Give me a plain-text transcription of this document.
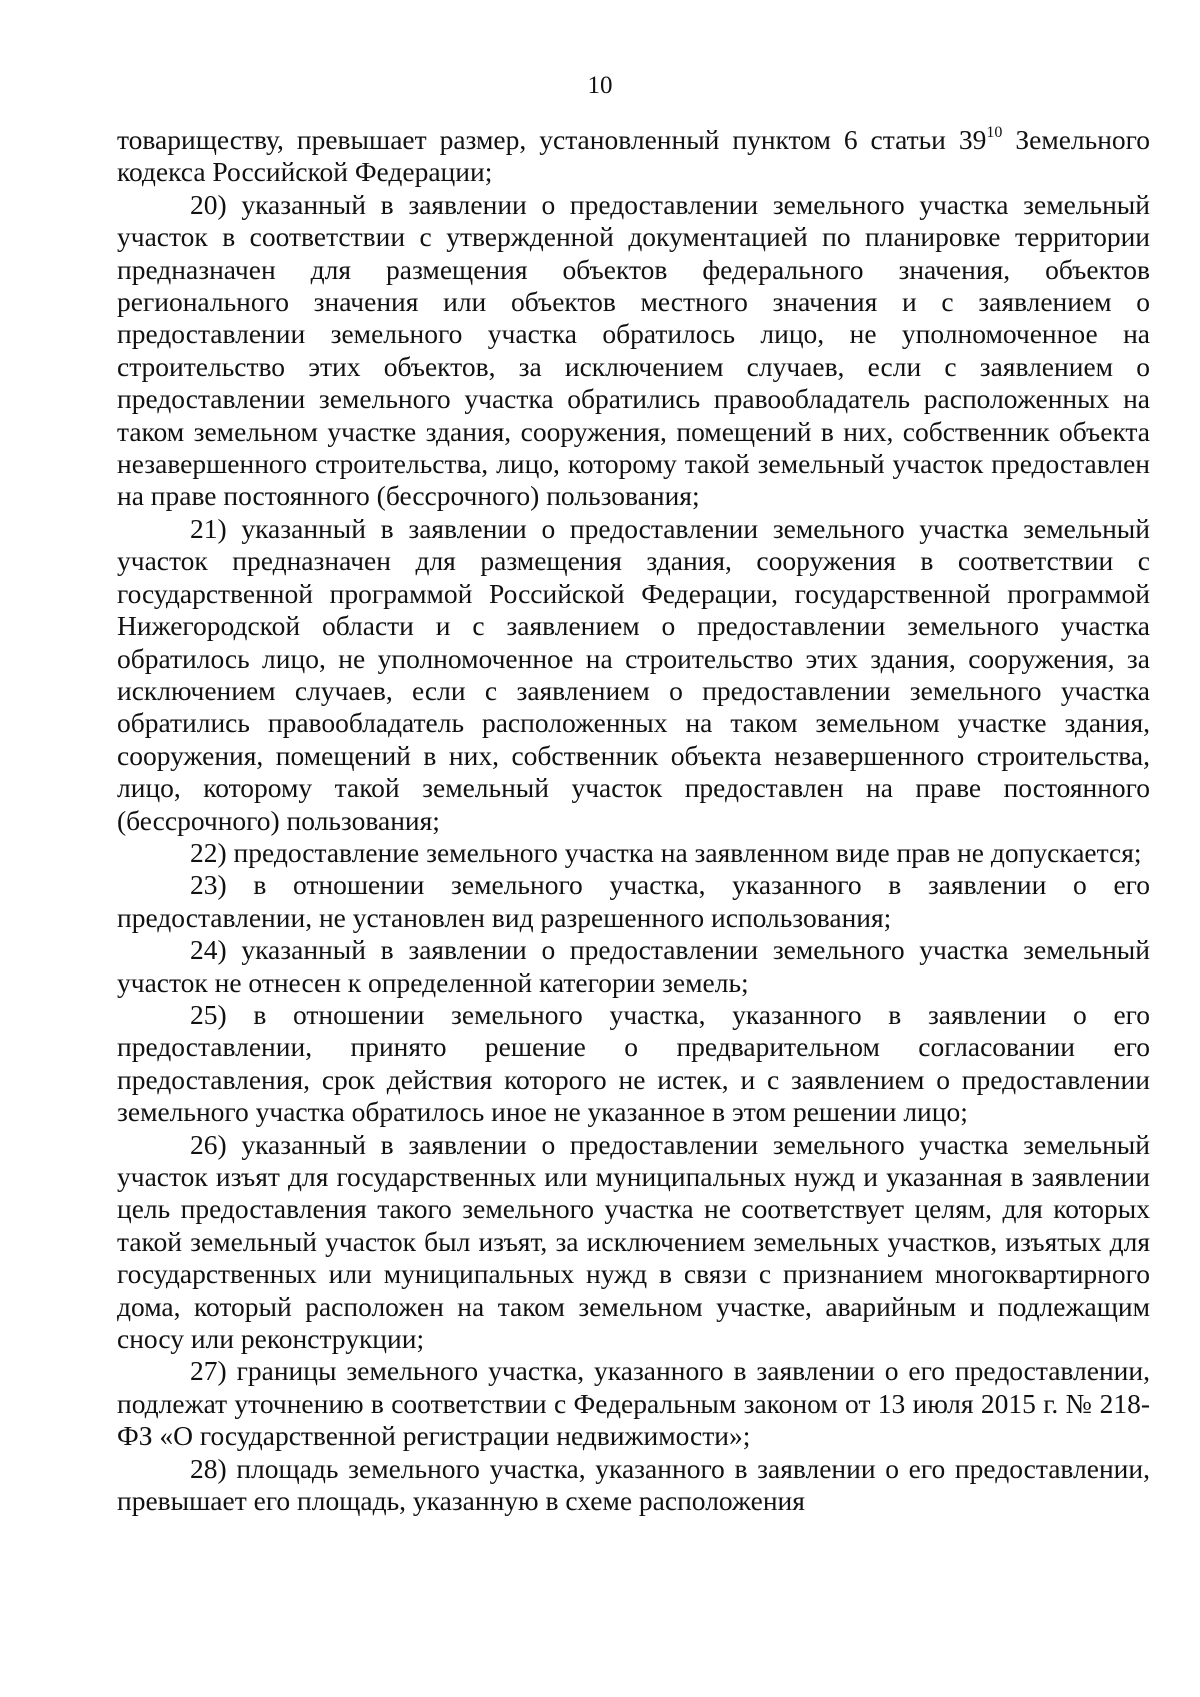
10

товариществу, превышает размер, установленный пунктом 6 статьи 39$^{10}$ Земельного кодекса Российской Федерации;

20) указанный в заявлении о предоставлении земельного участка земельный участок в соответствии с утвержденной документацией по планировке территории предназначен для размещения объектов федерального значения, объектов регионального значения или объектов местного значения и с заявлением о предоставлении земельного участка обратилось лицо, не уполномоченное на строительство этих объектов, за исключением случаев, если с заявлением о предоставлении земельного участка обратились правообладатель расположенных на таком земельном участке здания, сооружения, помещений в них, собственник объекта незавершенного строительства, лицо, которому такой земельный участок предоставлен на праве постоянного (бессрочного) пользования;

21) указанный в заявлении о предоставлении земельного участка земельный участок предназначен для размещения здания, сооружения в соответствии с государственной программой Российской Федерации, государственной программой Нижегородской области и с заявлением о предоставлении земельного участка обратилось лицо, не уполномоченное на строительство этих здания, сооружения, за исключением случаев, если с заявлением о предоставлении земельного участка обратились правообладатель расположенных на таком земельном участке здания, сооружения, помещений в них, собственник объекта незавершенного строительства, лицо, которому такой земельный участок предоставлен на праве постоянного (бессрочного) пользования;

22) предоставление земельного участка на заявленном виде прав не допускается;

23) в отношении земельного участка, указанного в заявлении о его предоставлении, не установлен вид разрешенного использования;

24) указанный в заявлении о предоставлении земельного участка земельный участок не отнесен к определенной категории земель;

25) в отношении земельного участка, указанного в заявлении о его предоставлении, принято решение о предварительном согласовании его предоставления, срок действия которого не истек, и с заявлением о предоставлении земельного участка обратилось иное не указанное в этом решении лицо;

26) указанный в заявлении о предоставлении земельного участка земельный участок изъят для государственных или муниципальных нужд и указанная в заявлении цель предоставления такого земельного участка не соответствует целям, для которых такой земельный участок был изъят, за исключением земельных участков, изъятых для государственных или муниципальных нужд в связи с признанием многоквартирного дома, который расположен на таком земельном участке, аварийным и подлежащим сносу или реконструкции;

27) границы земельного участка, указанного в заявлении о его предоставлении, подлежат уточнению в соответствии с Федеральным законом от 13 июля 2015 г. № 218-ФЗ «О государственной регистрации недвижимости»;

28) площадь земельного участка, указанного в заявлении о его предоставлении, превышает его площадь, указанную в схеме расположения
